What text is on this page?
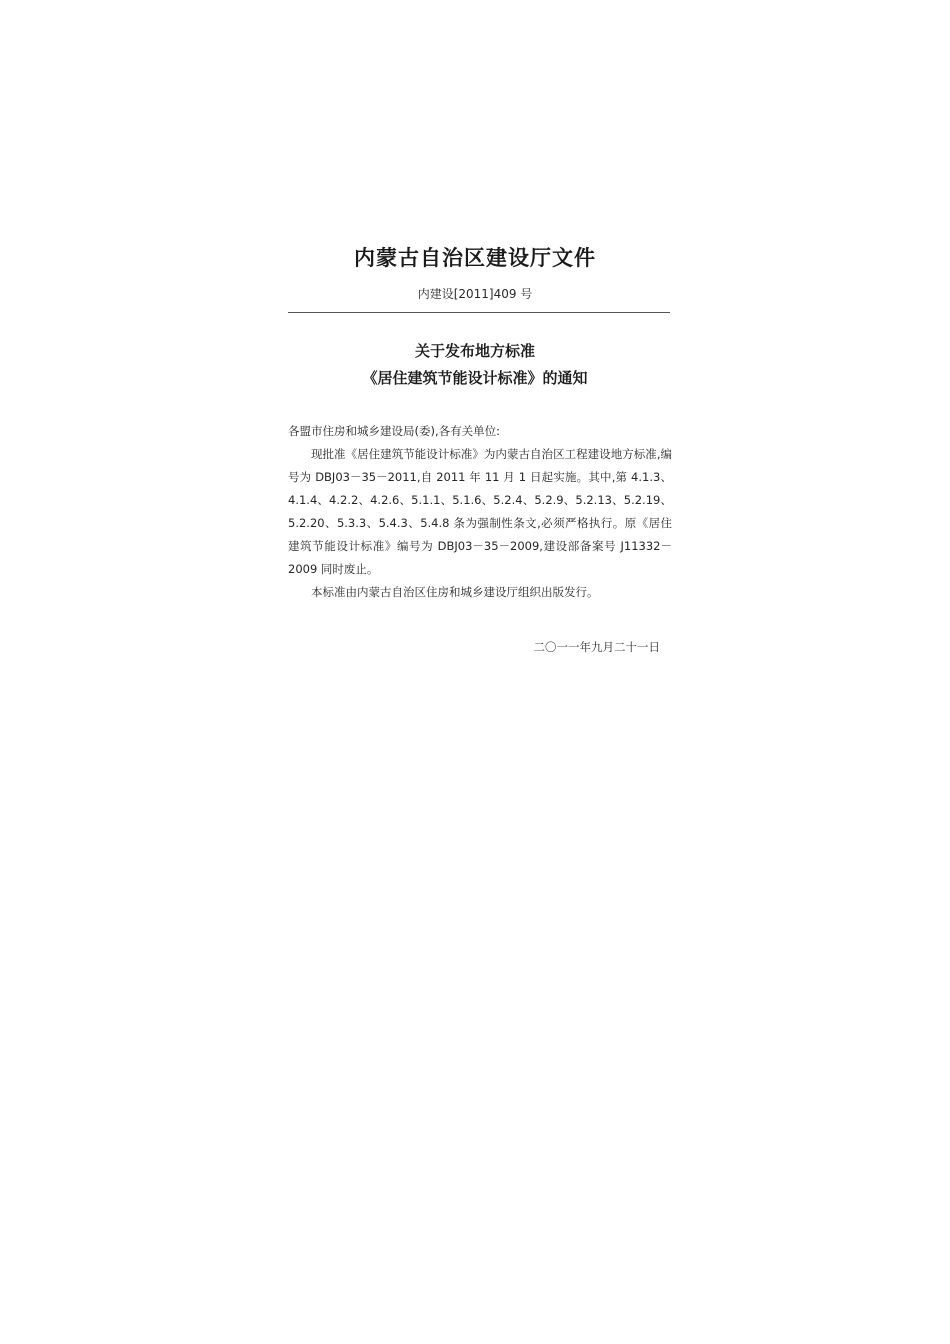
内蒙古自治区建设厅文件
内建设[2011]409 号
关于发布地方标准
《居住建筑节能设计标准》的通知

各盟市住房和城乡建设局(委),各有关单位:

现批准《居住建筑节能设计标准》为内蒙古自治区工程建设地方标准,编号为 DBJ03－35－2011,自 2011 年 11 月 1 日起实施。其中,第 4.1.3、4.1.4、4.2.2、4.2.6、5.1.1、5.1.6、5.2.4、5.2.9、5.2.13、5.2.19、5.2.20、5.3.3、5.4.3、5.4.8 条为强制性条文,必须严格执行。原《居住建筑节能设计标准》编号为 DBJ03－35－2009,建设部备案号 J11332－2009 同时废止。

本标准由内蒙古自治区住房和城乡建设厅组织出版发行。

二〇一一年九月二十一日
